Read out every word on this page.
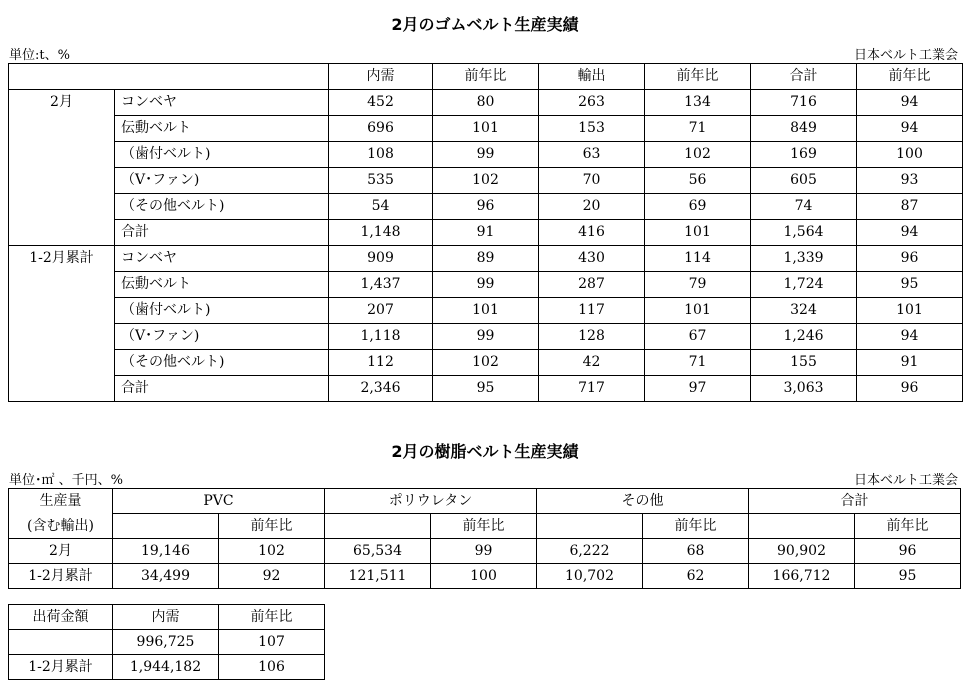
2月のゴムベルト生産実績
単位:t、%	日本ベルト工業会
		内需	前年比	輸出	前年比	合計	前年比
2月	コンベヤ	452	80	263	134	716	94
	伝動ベルト	696	101	153	71	849	94
	（歯付ベルト)	108	99	63	102	169	100
	（V･ファン)	535	102	70	56	605	93
	（その他ベルト)	54	96	20	69	74	87
	合計	1,148	91	416	101	1,564	94
1-2月累計	コンベヤ	909	89	430	114	1,339	96
	伝動ベルト	1,437	99	287	79	1,724	95
	（歯付ベルト)	207	101	117	101	324	101
	（V･ファン)	1,118	99	128	67	1,246	94
	（その他ベルト)	112	102	42	71	155	91
	合計	2,346	95	717	97	3,063	96
2月の樹脂ベルト生産実績
単位･㎡ 、千円、%	日本ベルト工業会
生産量	PVC		ポリウレタン		その他		合計	
(含む輸出)		前年比		前年比		前年比		前年比
2月	19,146	102	65,534	99	6,222	68	90,902	96
1-2月累計	34,499	92	121,511	100	10,702	62	166,712	95
出荷金額	内需	前年比
	996,725	107
1-2月累計	1,944,182	106
